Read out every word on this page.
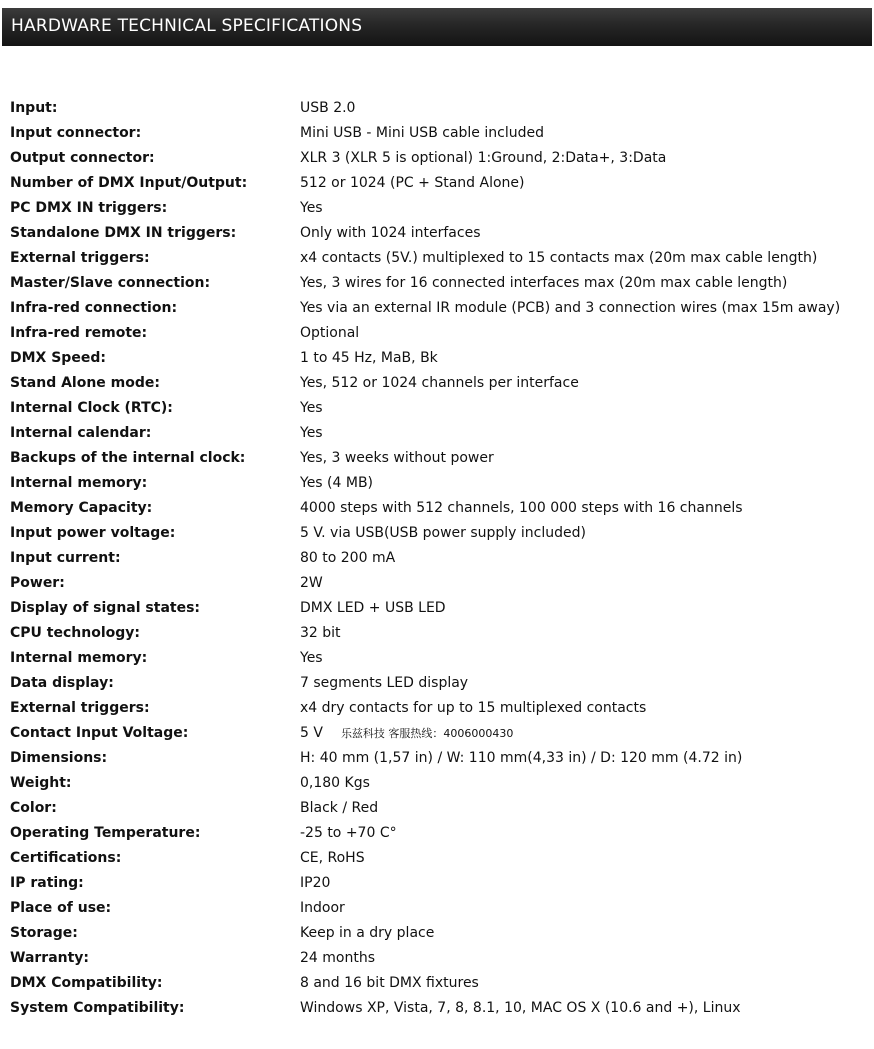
HARDWARE TECHNICAL SPECIFICATIONS
Input:	USB 2.0
Input connector:	Mini USB - Mini USB cable included
Output connector:	XLR 3 (XLR 5 is optional) 1:Ground, 2:Data+, 3:Data
Number of DMX Input/Output:	512 or 1024 (PC + Stand Alone)
PC DMX IN triggers:	Yes
Standalone DMX IN triggers:	Only with 1024 interfaces
External triggers:	x4 contacts (5V.) multiplexed to 15 contacts max (20m max cable length)
Master/Slave connection:	Yes, 3 wires for 16 connected interfaces max (20m max cable length)
Infra-red connection:	Yes via an external IR module (PCB) and 3 connection wires (max 15m away)
Infra-red remote:	Optional
DMX Speed:	1 to 45 Hz, MaB, Bk
Stand Alone mode:	Yes, 512 or 1024 channels per interface
Internal Clock (RTC):	Yes
Internal calendar:	Yes
Backups of the internal clock:	Yes, 3 weeks without power
Internal memory:	Yes (4 MB)
Memory Capacity:	4000 steps with 512 channels, 100 000 steps with 16 channels
Input power voltage:	5 V. via USB(USB power supply included)
Input current:	80 to 200 mA
Power:	2W
Display of signal states:	DMX LED + USB LED
CPU technology:	32 bit
Internal memory:	Yes
Data display:	7 segments LED display
External triggers:	x4 dry contacts for up to 15 multiplexed contacts
Contact Input Voltage:	5 V 乐兹科技 客服热线：4006000430
Dimensions:	H: 40 mm (1,57 in) / W: 110 mm(4,33 in) / D: 120 mm (4.72 in)
Weight:	0,180 Kgs
Color:	Black / Red
Operating Temperature:	-25 to +70 C°
Certifications:	CE, RoHS
IP rating:	IP20
Place of use:	Indoor
Storage:	Keep in a dry place
Warranty:	24 months
DMX Compatibility:	8 and 16 bit DMX fixtures
System Compatibility:	Windows XP, Vista, 7, 8, 8.1, 10, MAC OS X (10.6 and +), Linux
